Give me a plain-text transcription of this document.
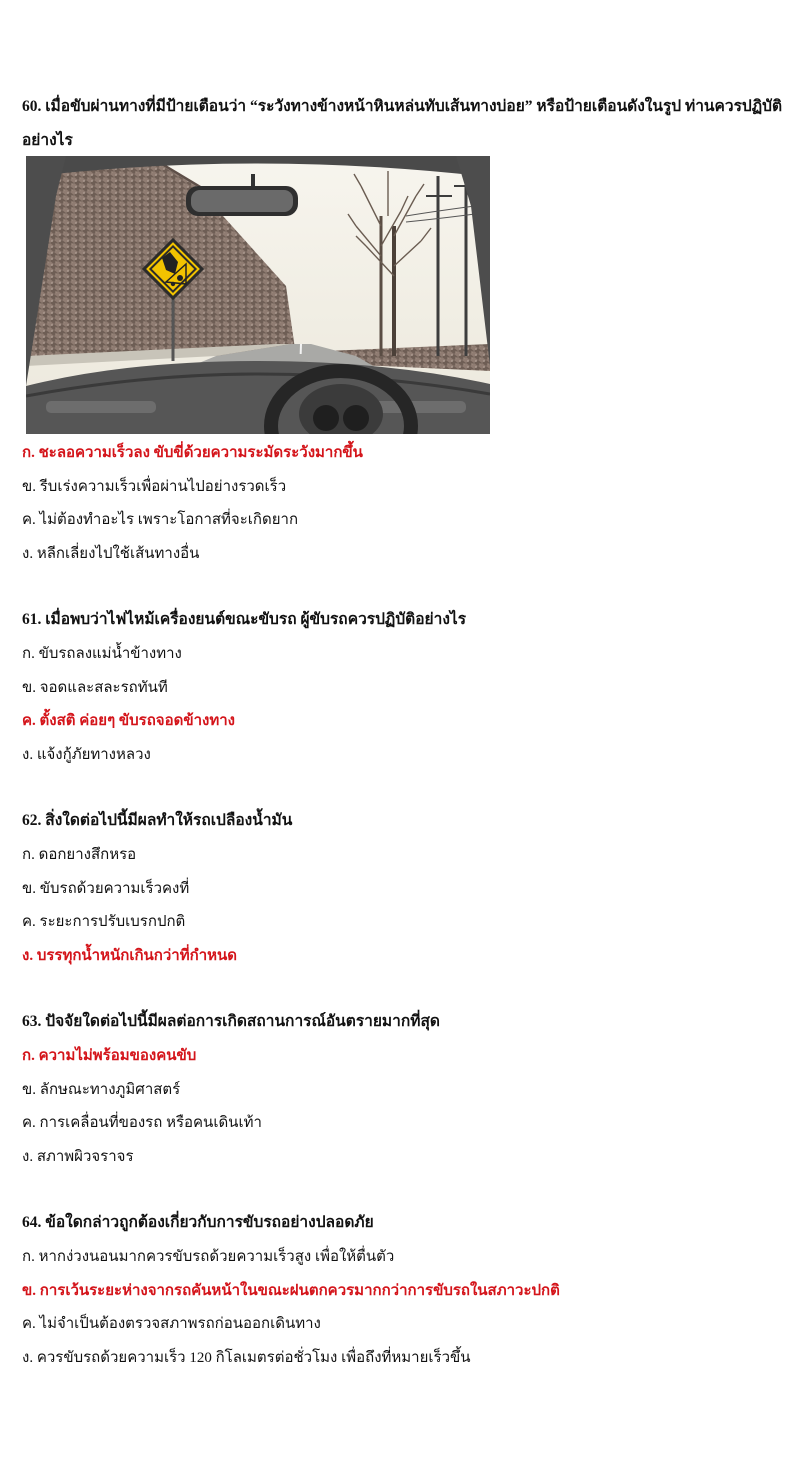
60. เมื่อขับผ่านทางที่มีป้ายเตือนว่า “ระวังทางข้างหน้าหินหล่นทับเส้นทางบ่อย” หรือป้ายเตือนดังในรูป ท่านควรปฏิบัติ อย่างไร
ก. ชะลอความเร็วลง ขับขี่ด้วยความระมัดระวังมากขึ้น
ข. รีบเร่งความเร็วเพื่อผ่านไปอย่างรวดเร็ว
ค. ไม่ต้องทำอะไร เพราะโอกาสที่จะเกิดยาก
ง. หลีกเลี่ยงไปใช้เส้นทางอื่น
61. เมื่อพบว่าไฟไหม้เครื่องยนต์ขณะขับรถ ผู้ขับรถควรปฏิบัติอย่างไร
ก. ขับรถลงแม่น้ำข้างทาง
ข. จอดและสละรถทันที
ค. ตั้งสติ ค่อยๆ ขับรถจอดข้างทาง
ง. แจ้งกู้ภัยทางหลวง
62. สิ่งใดต่อไปนี้มีผลทำให้รถเปลืองน้ำมัน
ก. ดอกยางสึกหรอ
ข. ขับรถด้วยความเร็วคงที่
ค. ระยะการปรับเบรกปกติ
ง. บรรทุกน้ำหนักเกินกว่าที่กำหนด
63. ปัจจัยใดต่อไปนี้มีผลต่อการเกิดสถานการณ์อันตรายมากที่สุด
ก. ความไม่พร้อมของคนขับ
ข. ลักษณะทางภูมิศาสตร์
ค. การเคลื่อนที่ของรถ หรือคนเดินเท้า
ง. สภาพผิวจราจร
64. ข้อใดกล่าวถูกต้องเกี่ยวกับการขับรถอย่างปลอดภัย
ก. หากง่วงนอนมากควรขับรถด้วยความเร็วสูง เพื่อให้ตื่นตัว
ข. การเว้นระยะห่างจากรถคันหน้าในขณะฝนตกควรมากกว่าการขับรถในสภาวะปกติ
ค. ไม่จำเป็นต้องตรวจสภาพรถก่อนออกเดินทาง
ง. ควรขับรถด้วยความเร็ว 120 กิโลเมตรต่อชั่วโมง เพื่อถึงที่หมายเร็วขึ้น
